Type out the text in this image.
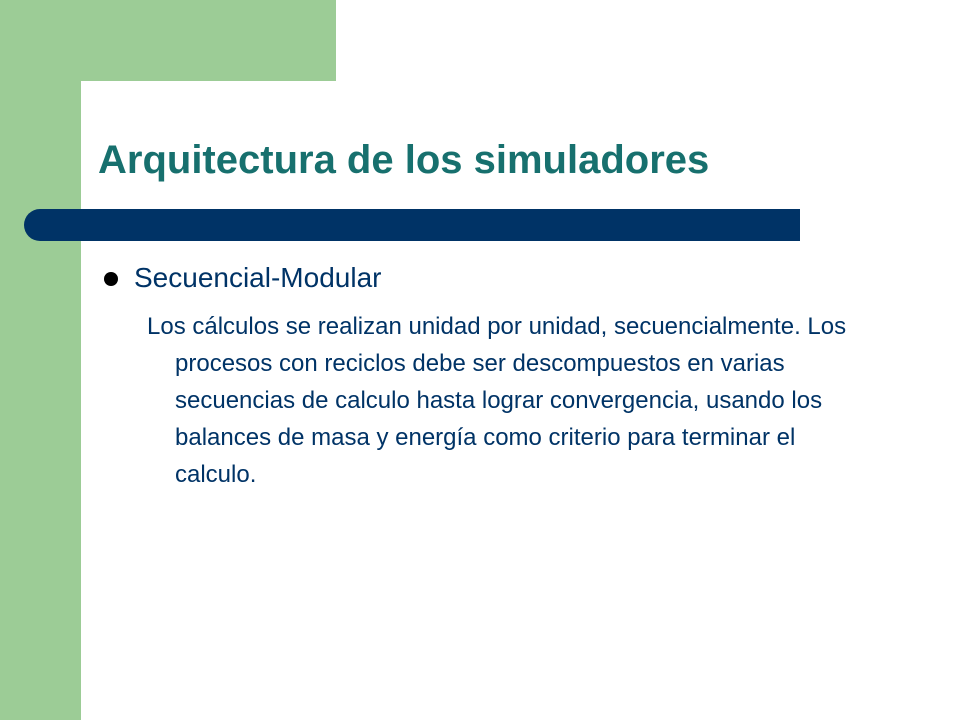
Arquitectura de los simuladores
Secuencial-Modular

Los cálculos se realizan unidad por unidad, secuencialmente. Los procesos con reciclos debe ser descompuestos en varias secuencias de calculo hasta lograr convergencia, usando los balances de masa y energía como criterio para terminar el calculo.
